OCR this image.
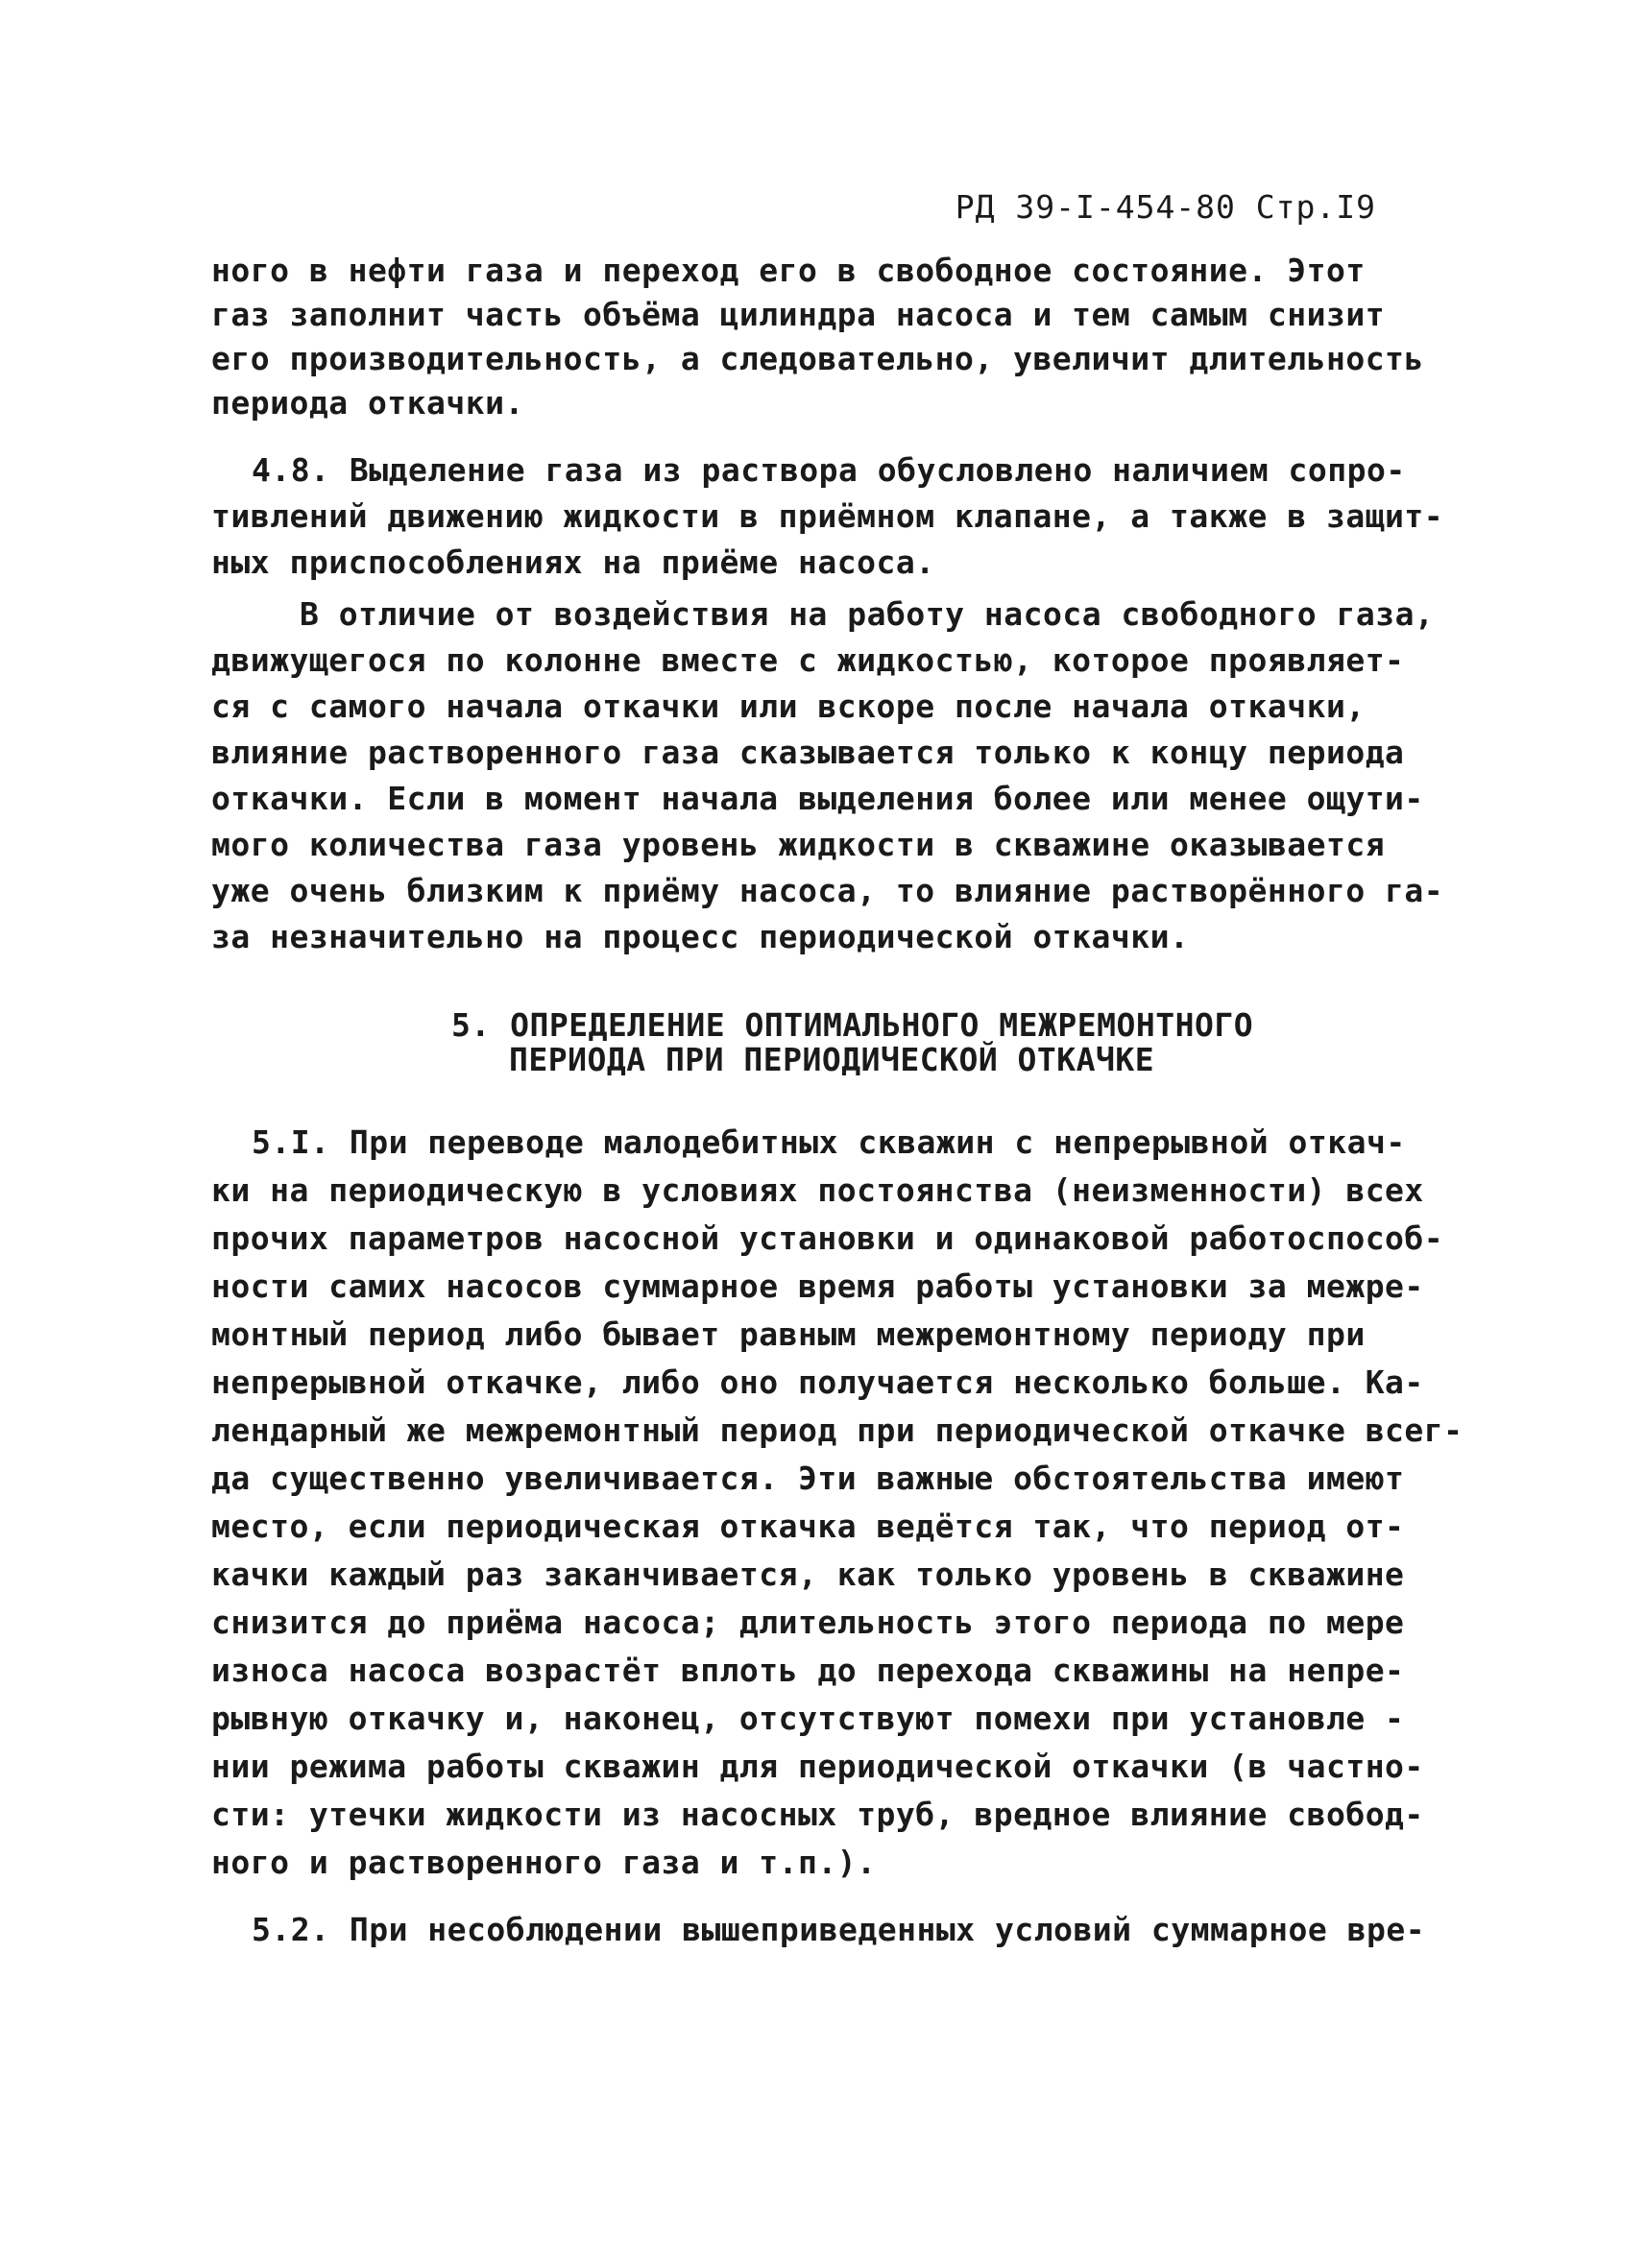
РД 39-I-454-80 Стр.I9
ного в нефти газа и переход его в свободное состояние. Этот
газ заполнит часть объёма цилиндра насоса и тем самым снизит
его производительность, а следовательно, увеличит длительность
периода откачки.
4.8. Выделение газа из раствора обусловлено наличием сопро-
тивлений движению жидкости в приёмном клапане, а также в защит-
ных приспособлениях на приёме насоса.
В отличие от воздействия на работу насоса свободного газа,
движущегося по колонне вместе с жидкостью, которое проявляет-
ся с самого начала откачки или вскоре после начала откачки,
влияние растворенного газа сказывается только к концу периода
откачки. Если в момент начала выделения более или менее ощути-
мого количества газа уровень жидкости в скважине оказывается
уже очень близким к приёму насоса, то влияние растворённого га-
за незначительно на процесс периодической откачки.
5. ОПРЕДЕЛЕНИЕ ОПТИМАЛЬНОГО МЕЖРЕМОНТНОГО
ПЕРИОДА ПРИ ПЕРИОДИЧЕСКОЙ ОТКАЧКЕ
5.I. При переводе малодебитных скважин с непрерывной откач-
ки на периодическую в условиях постоянства (неизменности) всех
прочих параметров насосной установки и одинаковой работоспособ-
ности самих насосов суммарное время работы установки за межре-
монтный период либо бывает равным межремонтному периоду при
непрерывной откачке, либо оно получается несколько больше. Ка-
лендарный же межремонтный период при периодической откачке всег-
да существенно увеличивается. Эти важные обстоятельства имеют
место, если периодическая откачка ведётся так, что период от-
качки каждый раз заканчивается, как только уровень в скважине
снизится до приёма насоса; длительность этого периода по мере
износа насоса возрастёт вплоть до перехода скважины на непре-
рывную откачку и, наконец, отсутствуют помехи при установле -
нии режима работы скважин для периодической откачки (в частно-
сти: утечки жидкости из насосных труб, вредное влияние свобод-
ного и растворенного газа и т.п.).
5.2. При несоблюдении вышеприведенных условий суммарное вре-
